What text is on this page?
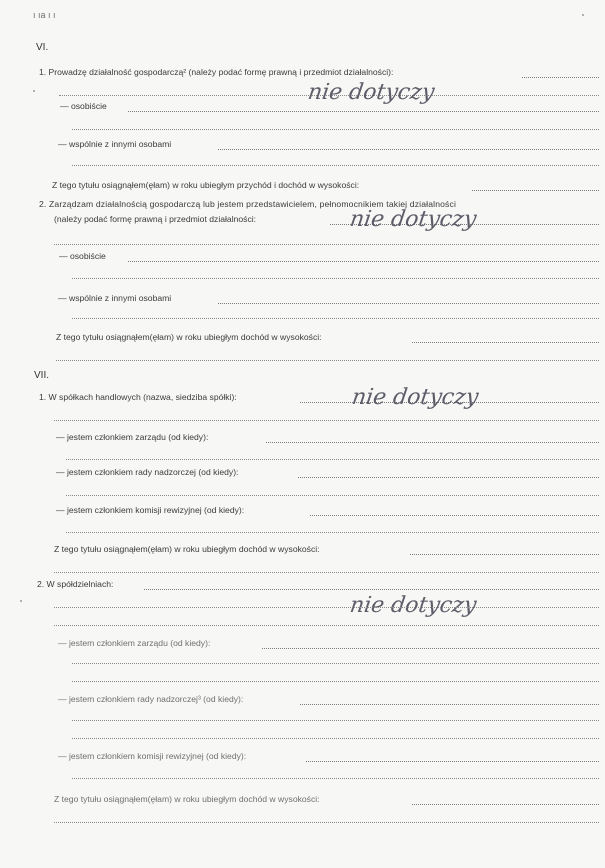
ı ıa ı ı
VI.
1. Prowadzę działalność gospodarczą² (należy podać formę prawną i przedmiot działalności):
nie dotyczy
— osobiście
— wspólnie z innymi osobami
Z tego tytułu osiągnąłem(ęłam) w roku ubiegłym przychód i dochód w wysokości:
2. Zarządzam działalnością gospodarczą lub jestem przedstawicielem, pełnomocnikiem takiej działalności
(należy podać formę prawną i przedmiot działalności:	nie dotyczy
— osobiście
— wspólnie z innymi osobami
Z tego tytułu osiągnąłem(ęłam) w roku ubiegłym dochód w wysokości:
VII.
1. W spółkach handlowych (nazwa, siedziba spółki):	nie dotyczy
— jestem członkiem zarządu (od kiedy):
— jestem członkiem rady nadzorczej (od kiedy):
— jestem członkiem komisji rewizyjnej (od kiedy):
Z tego tytułu osiągnąłem(ęłam) w roku ubiegłym dochód w wysokości:
2. W spółdzielniach:
nie dotyczy
— jestem członkiem zarządu (od kiedy):
— jestem członkiem rady nadzorczej³ (od kiedy):
— jestem członkiem komisji rewizyjnej (od kiedy):
Z tego tytułu osiągnąłem(ęłam) w roku ubiegłym dochód w wysokości:
